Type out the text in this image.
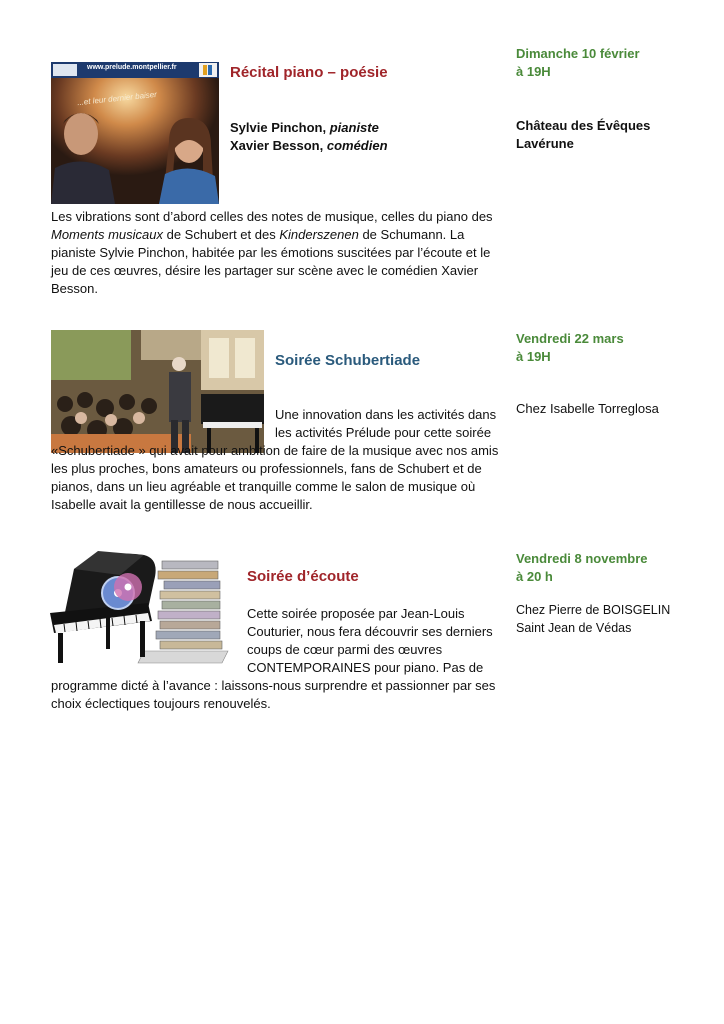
www.prelude.montpellier.fr
...et leur dernier baiser
Récital piano – poésie

Sylvie Pinchon, pianiste

Xavier Besson, comédien

Les vibrations sont d’abord celles des notes de musique, celles du piano des Moments musicaux de Schubert et des Kinderszenen de Schumann. La pianiste Sylvie Pinchon, habitée par les émotions suscitées par l’écoute et le jeu de ces œuvres, désire les partager sur scène avec le comédien Xavier Besson.

Dimanche 10 février

à 19H

Château des Évêques

Lavérune

Soirée Schubertiade

Une innovation dans les activités dans les activités Prélude pour cette soirée «Schubertiade » qui avait pour ambition de faire de la musique avec nos amis les plus proches, bons amateurs ou professionnels, fans de Schubert et de pianos, dans un lieu agréable et tranquille comme le salon de musique où Isabelle avait la gentillesse de nous accueillir.

Vendredi 22 mars

à 19H

Chez Isabelle Torreglosa

Soirée d’écoute

Cette soirée proposée par Jean-Louis Couturier, nous fera découvrir ses derniers coups de cœur parmi des œuvres CONTEMPORAINES pour piano. Pas de programme dicté à l’avance : laissons-nous surprendre et passionner par ses choix éclectiques toujours renouvelés.

Vendredi 8 novembre

à 20 h

Chez Pierre de BOISGELIN

Saint Jean de Védas
